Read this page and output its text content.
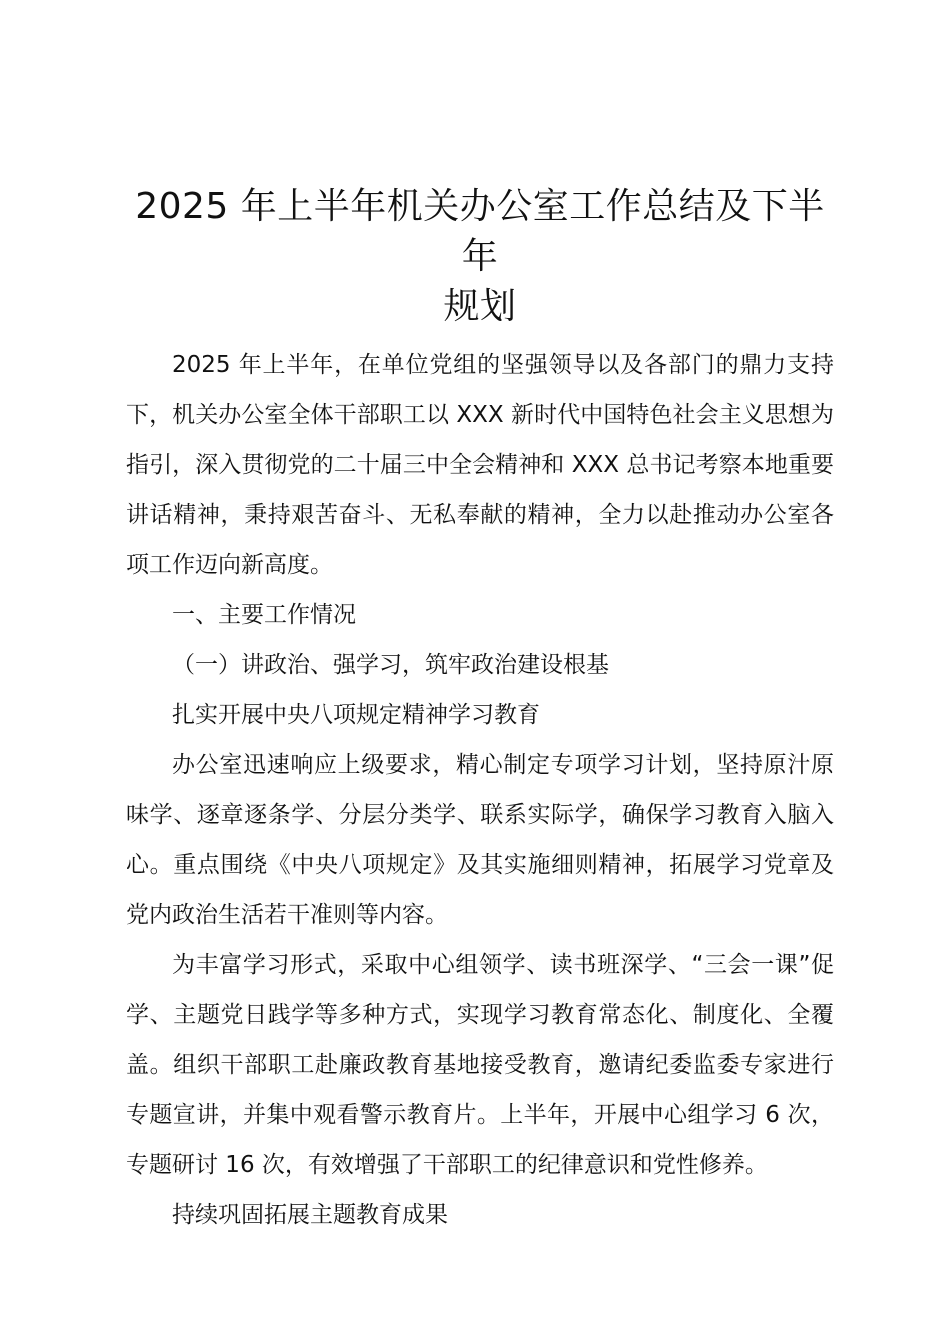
2025 年上半年机关办公室工作总结及下半年
规划

2025 年上半年，在单位党组的坚强领导以及各部门的鼎力支持下，机关办公室全体干部职工以 XXX 新时代中国特色社会主义思想为指引，深入贯彻党的二十届三中全会精神和 XXX 总书记考察本地重要讲话精神，秉持艰苦奋斗、无私奉献的精神，全力以赴推动办公室各项工作迈向新高度。

一、主要工作情况

（一）讲政治、强学习，筑牢政治建设根基

扎实开展中央八项规定精神学习教育

办公室迅速响应上级要求，精心制定专项学习计划，坚持原汁原味学、逐章逐条学、分层分类学、联系实际学，确保学习教育入脑入心。重点围绕《中央八项规定》及其实施细则精神，拓展学习党章及党内政治生活若干准则等内容。

为丰富学习形式，采取中心组领学、读书班深学、“三会一课”促学、主题党日践学等多种方式，实现学习教育常态化、制度化、全覆盖。组织干部职工赴廉政教育基地接受教育，邀请纪委监委专家进行专题宣讲，并集中观看警示教育片。上半年，开展中心组学习 6 次，专题研讨 16 次，有效增强了干部职工的纪律意识和党性修养。

持续巩固拓展主题教育成果
